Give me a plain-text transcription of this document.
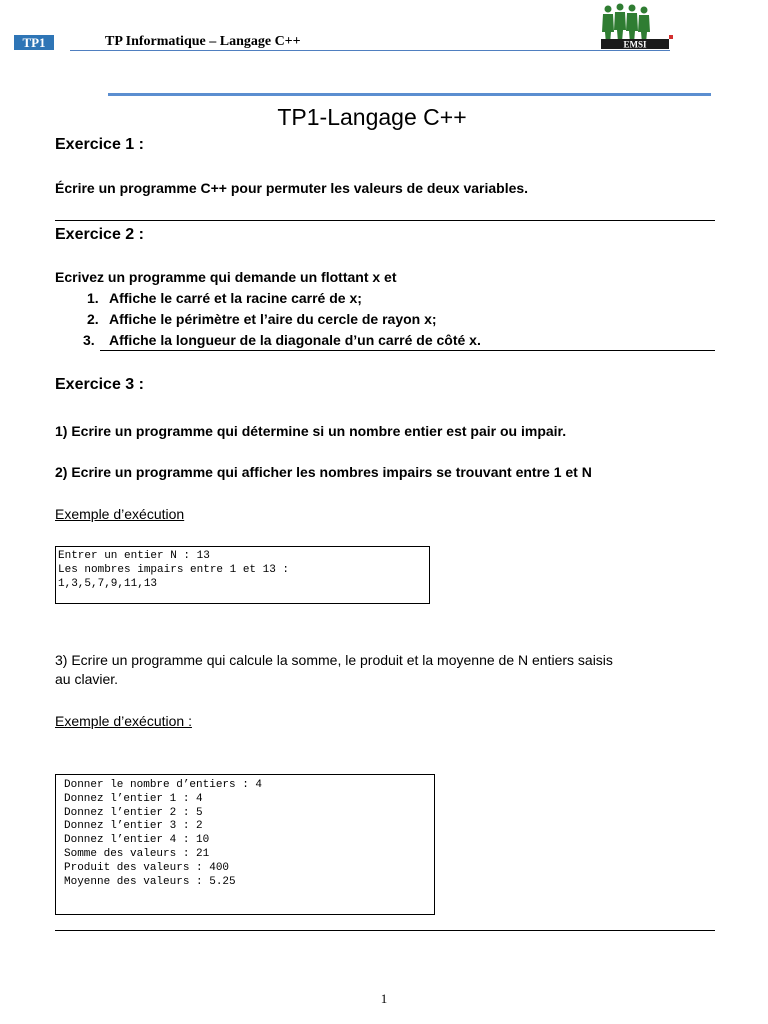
TP1	TP Informatique – Langage C++	EMSI
TP1-Langage C++
Exercice 1 :
Écrire un programme C++ pour permuter les valeurs de deux variables.
Exercice 2 :
Ecrivez un programme qui demande un flottant x et
1. Affiche le carré et la racine carré de x;
2. Affiche le périmètre et l’aire du cercle de rayon x;
3. Affiche la longueur de la diagonale d’un carré de côté x.
Exercice 3 :
1) Ecrire un programme qui détermine si un nombre entier est pair ou impair.
2) Ecrire un programme qui afficher les nombres impairs se trouvant entre 1 et N
Exemple d’exécution
Entrer un entier N : 13
Les nombres impairs entre 1 et 13 :
1,3,5,7,9,11,13
3) Ecrire un programme qui calcule la somme, le produit et la moyenne de N entiers saisis
au clavier.
Exemple d’exécution :
Donner le nombre d’entiers : 4
Donnez l’entier 1 : 4
Donnez l’entier 2 : 5
Donnez l’entier 3 : 2
Donnez l’entier 4 : 10
Somme des valeurs : 21
Produit des valeurs : 400
Moyenne des valeurs : 5.25
1
